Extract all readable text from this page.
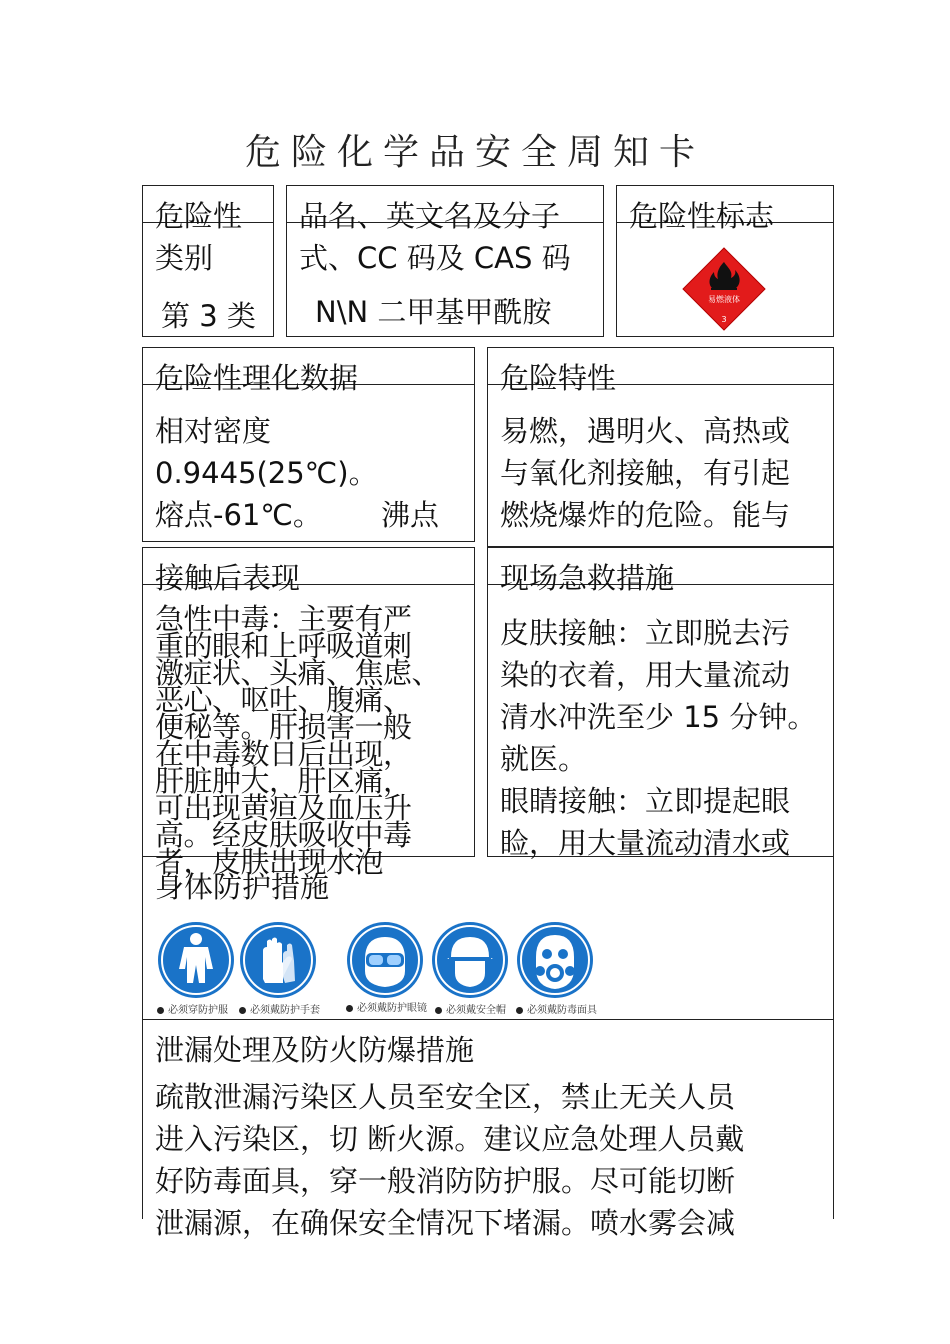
危险化学品安全周知卡
危险性
类别
第 3 类
品名、英文名及分子
式、CC 码及 CAS 码
N\N 二甲基甲酰胺
危险性标志
易燃液体
3
危险性理化数据
相对密度
0.9445(25℃)。
熔点-61℃。 沸点
危险特性
易燃，遇明火、高热或
与氧化剂接触，有引起
燃烧爆炸的危险。能与
接触后表现
急性中毒：主要有严
重的眼和上呼吸道刺
激症状、头痛、焦虑、
恶心、呕吐、腹痛、
便秘等。肝损害一般
在中毒数日后出现，
肝脏肿大，肝区痛，
可出现黄疸及血压升
高。经皮肤吸收中毒
者，皮肤出现水泡
现场急救措施
皮肤接触：立即脱去污
染的衣着，用大量流动
清水冲洗至少 15 分钟。
就医。
眼睛接触：立即提起眼
睑，用大量流动清水或
身体防护措施
必须穿防护服	必须戴防护手套	必须戴防护眼镜	必须戴安全帽	必须戴防毒面具
泄漏处理及防火防爆措施
疏散泄漏污染区人员至安全区，禁止无关人员
进入污染区，切 断火源。建议应急处理人员戴
好防毒面具，穿一般消防防护服。尽可能切断
泄漏源，在确保安全情况下堵漏。喷水雾会减
